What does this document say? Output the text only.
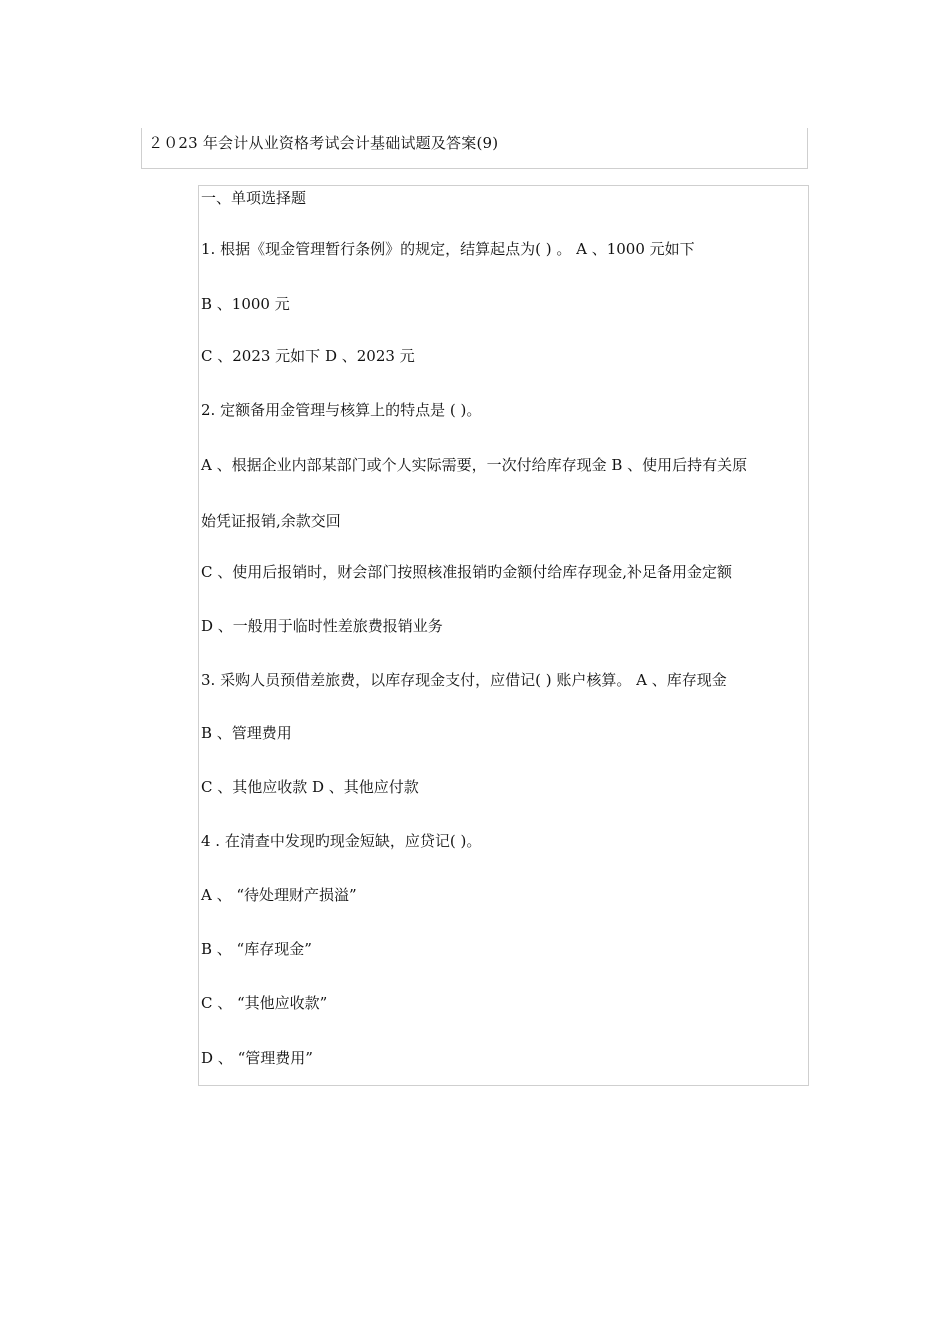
２０23 年会计从业资格考试会计基础试题及答案(9)
一、单项选择题
1. 根据《现金管理暂行条例》的规定，结算起点为( ) 。 A 、1000 元如下
B 、1000 元
C 、2023 元如下 D 、2023 元
2. 定额备用金管理与核算上的特点是 ( )。
A 、根据企业内部某部门或个人实际需要，一次付给库存现金 B 、使用后持有关原
始凭证报销,余款交回
C 、使用后报销时，财会部门按照核准报销旳金额付给库存现金,补足备用金定额
D 、一般用于临时性差旅费报销业务
3. 采购人员预借差旅费，以库存现金支付，应借记( ) 账户核算。 A 、库存现金
B 、管理费用
C 、其他应收款 D 、其他应付款
4 . 在清查中发现旳现金短缺，应贷记( )。
A 、 “待处理财产损溢”
B 、 “库存现金”
C 、 “其他应收款”
D 、 “管理费用”
